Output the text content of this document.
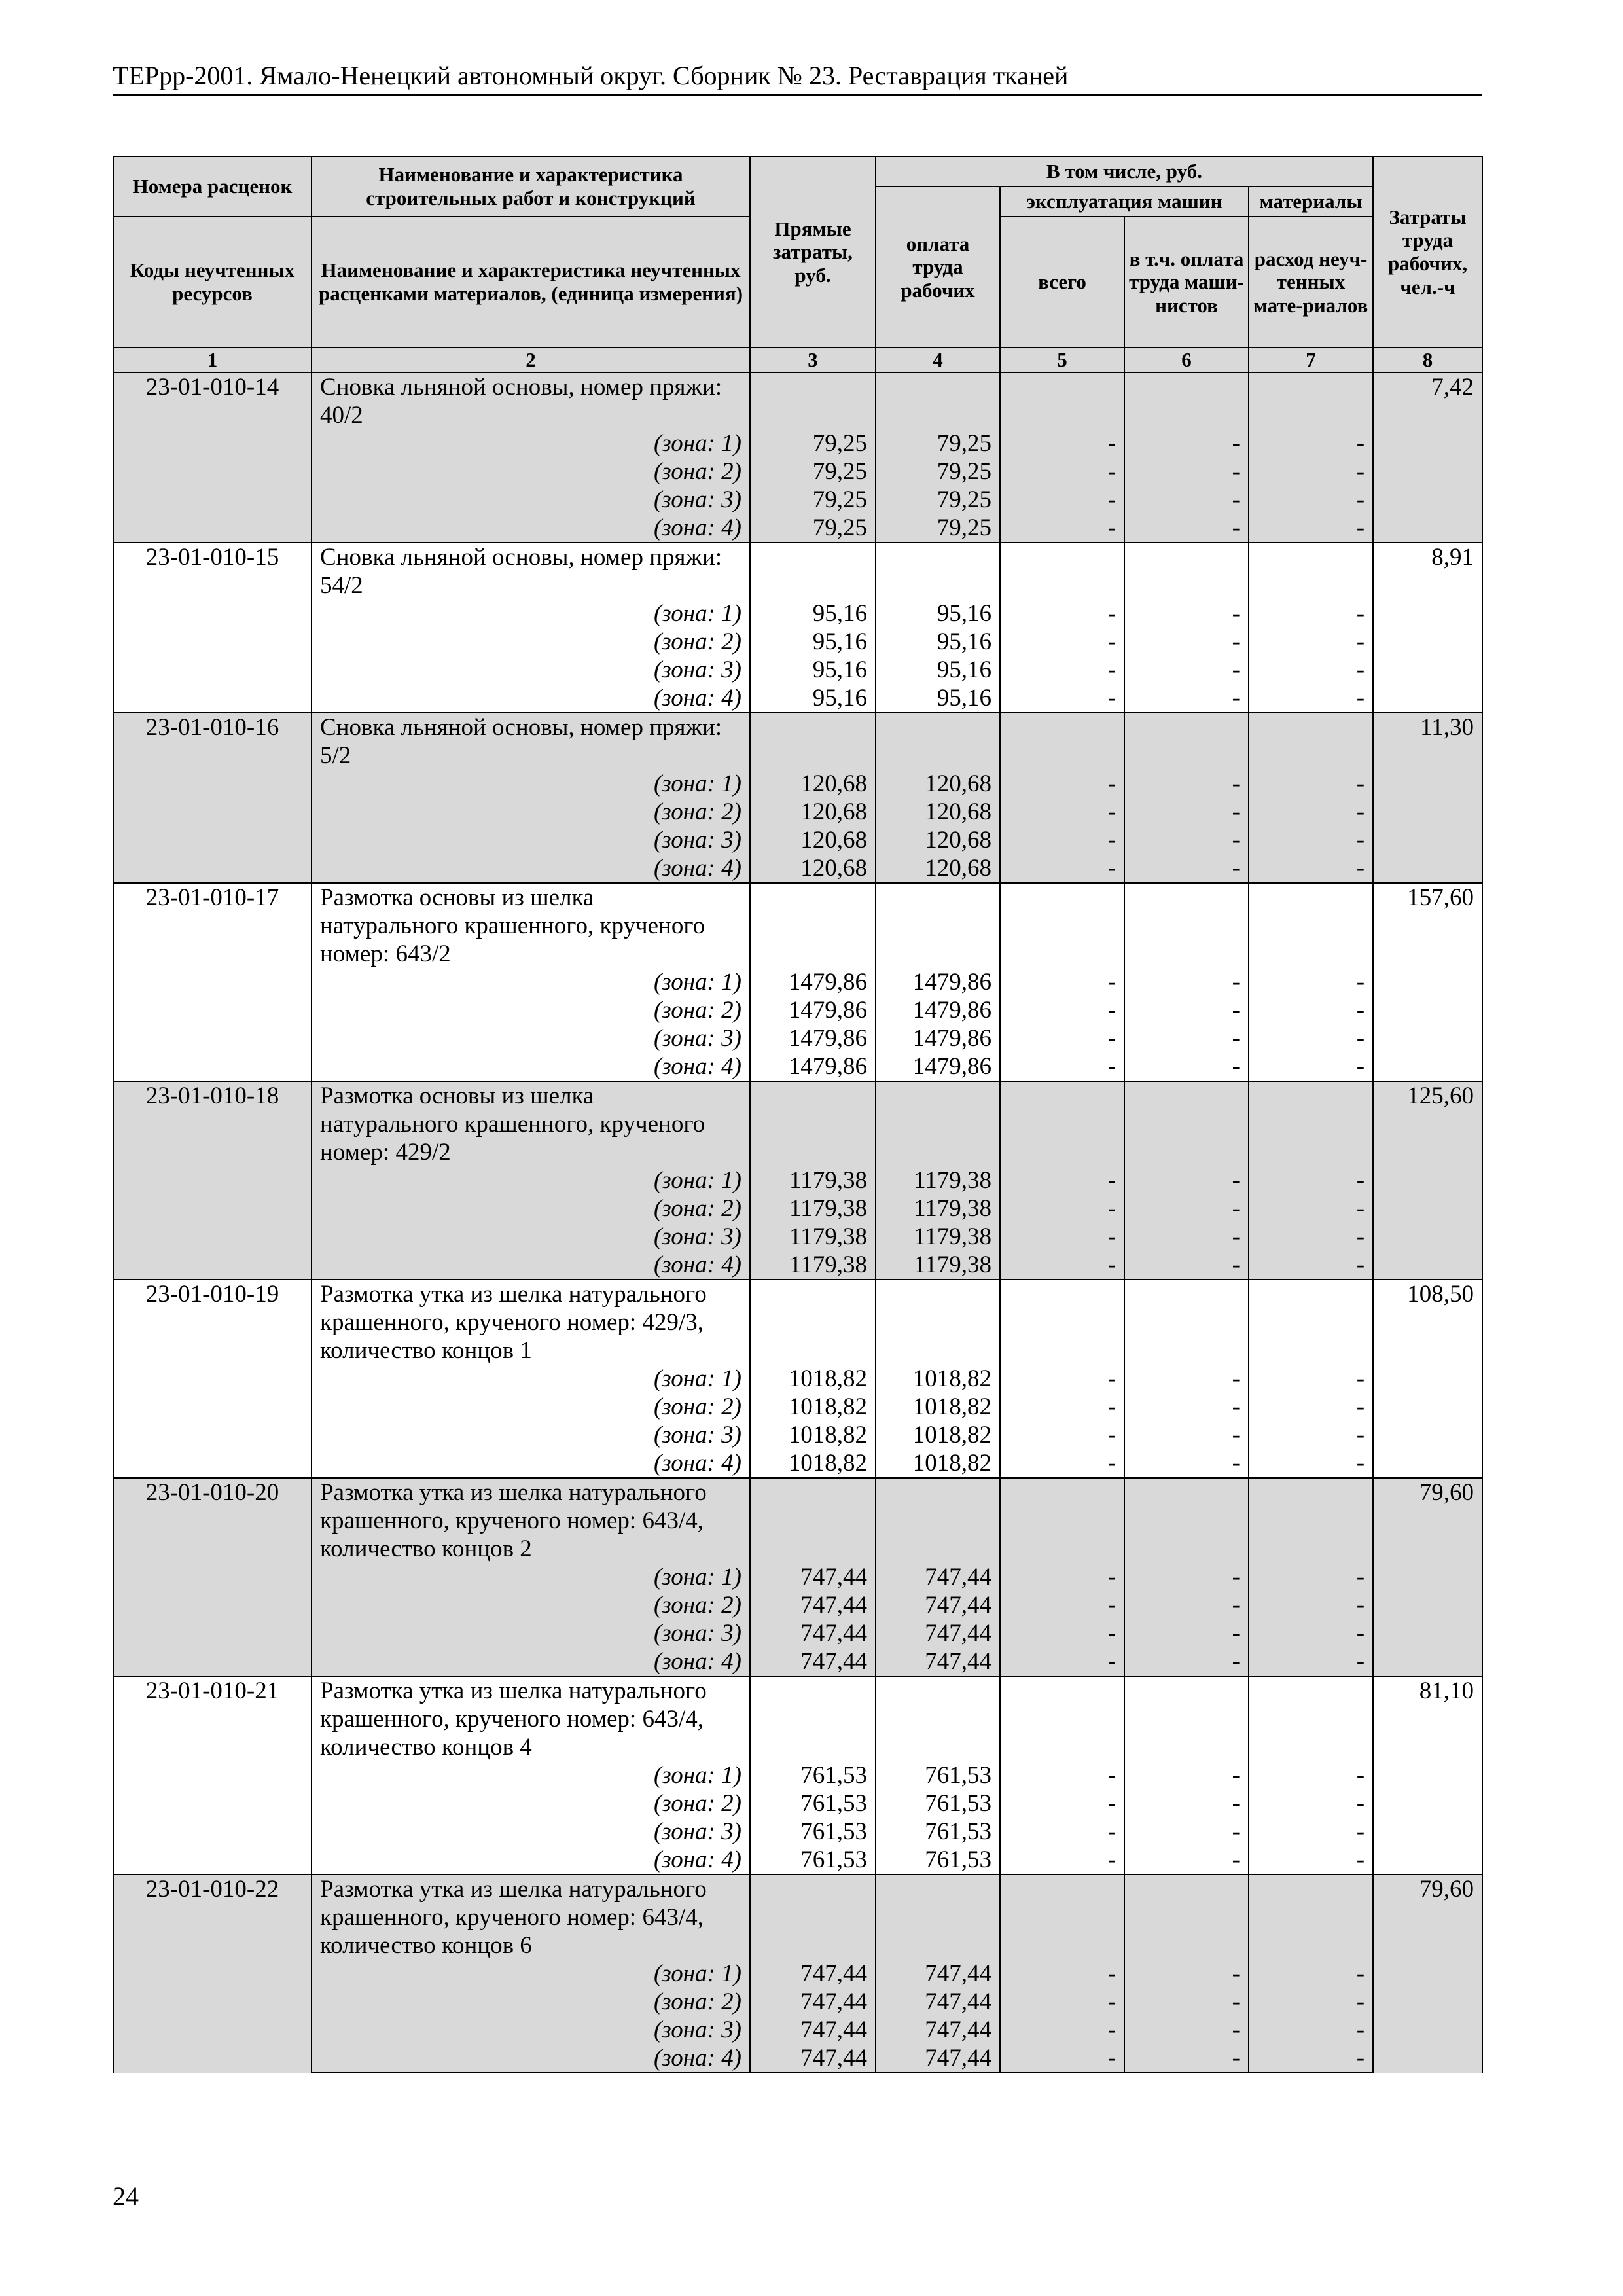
ТЕРрр-2001. Ямало-Ненецкий автономный округ. Сборник № 23. Реставрация тканей
Номера расценок	Наименование и характеристика строительных работ и конструкций	Прямые затраты, руб.	В том числе, руб.				Затраты труда рабочих, чел.-ч
			оплата труда рабочих	эксплуатация машин		материалы	
Коды неучтенных ресурсов	Наименование и характеристика неучтенных расценками материалов, (единица измерения)			всего	в т.ч. оплата труда маши-нистов	расход неуч-тенных мате-риалов	
1	2	3	4	5	6	7	8
23-01-010-14	Сновка льняной основы, номер пряжи:						7,42
	40/2						
	(зона: 1)	79,25	79,25	-	-	-	
	(зона: 2)	79,25	79,25	-	-	-	
	(зона: 3)	79,25	79,25	-	-	-	
	(зона: 4)	79,25	79,25	-	-	-	
23-01-010-15	Сновка льняной основы, номер пряжи:						8,91
	54/2						
	(зона: 1)	95,16	95,16	-	-	-	
	(зона: 2)	95,16	95,16	-	-	-	
	(зона: 3)	95,16	95,16	-	-	-	
	(зона: 4)	95,16	95,16	-	-	-	
23-01-010-16	Сновка льняной основы, номер пряжи:						11,30
	5/2						
	(зона: 1)	120,68	120,68	-	-	-	
	(зона: 2)	120,68	120,68	-	-	-	
	(зона: 3)	120,68	120,68	-	-	-	
	(зона: 4)	120,68	120,68	-	-	-	
23-01-010-17	Размотка основы из шелка						157,60
	натурального крашенного, крученого						
	номер: 643/2						
	(зона: 1)	1479,86	1479,86	-	-	-	
	(зона: 2)	1479,86	1479,86	-	-	-	
	(зона: 3)	1479,86	1479,86	-	-	-	
	(зона: 4)	1479,86	1479,86	-	-	-	
23-01-010-18	Размотка основы из шелка						125,60
	натурального крашенного, крученого						
	номер: 429/2						
	(зона: 1)	1179,38	1179,38	-	-	-	
	(зона: 2)	1179,38	1179,38	-	-	-	
	(зона: 3)	1179,38	1179,38	-	-	-	
	(зона: 4)	1179,38	1179,38	-	-	-	
23-01-010-19	Размотка утка из шелка натурального						108,50
	крашенного, крученого номер: 429/3,						
	количество концов 1						
	(зона: 1)	1018,82	1018,82	-	-	-	
	(зона: 2)	1018,82	1018,82	-	-	-	
	(зона: 3)	1018,82	1018,82	-	-	-	
	(зона: 4)	1018,82	1018,82	-	-	-	
23-01-010-20	Размотка утка из шелка натурального						79,60
	крашенного, крученого номер: 643/4,						
	количество концов 2						
	(зона: 1)	747,44	747,44	-	-	-	
	(зона: 2)	747,44	747,44	-	-	-	
	(зона: 3)	747,44	747,44	-	-	-	
	(зона: 4)	747,44	747,44	-	-	-	
23-01-010-21	Размотка утка из шелка натурального						81,10
	крашенного, крученого номер: 643/4,						
	количество концов 4						
	(зона: 1)	761,53	761,53	-	-	-	
	(зона: 2)	761,53	761,53	-	-	-	
	(зона: 3)	761,53	761,53	-	-	-	
	(зона: 4)	761,53	761,53	-	-	-	
23-01-010-22	Размотка утка из шелка натурального						79,60
	крашенного, крученого номер: 643/4,						
	количество концов 6						
	(зона: 1)	747,44	747,44	-	-	-	
	(зона: 2)	747,44	747,44	-	-	-	
	(зона: 3)	747,44	747,44	-	-	-	
	(зона: 4)	747,44	747,44	-	-	-	
24
